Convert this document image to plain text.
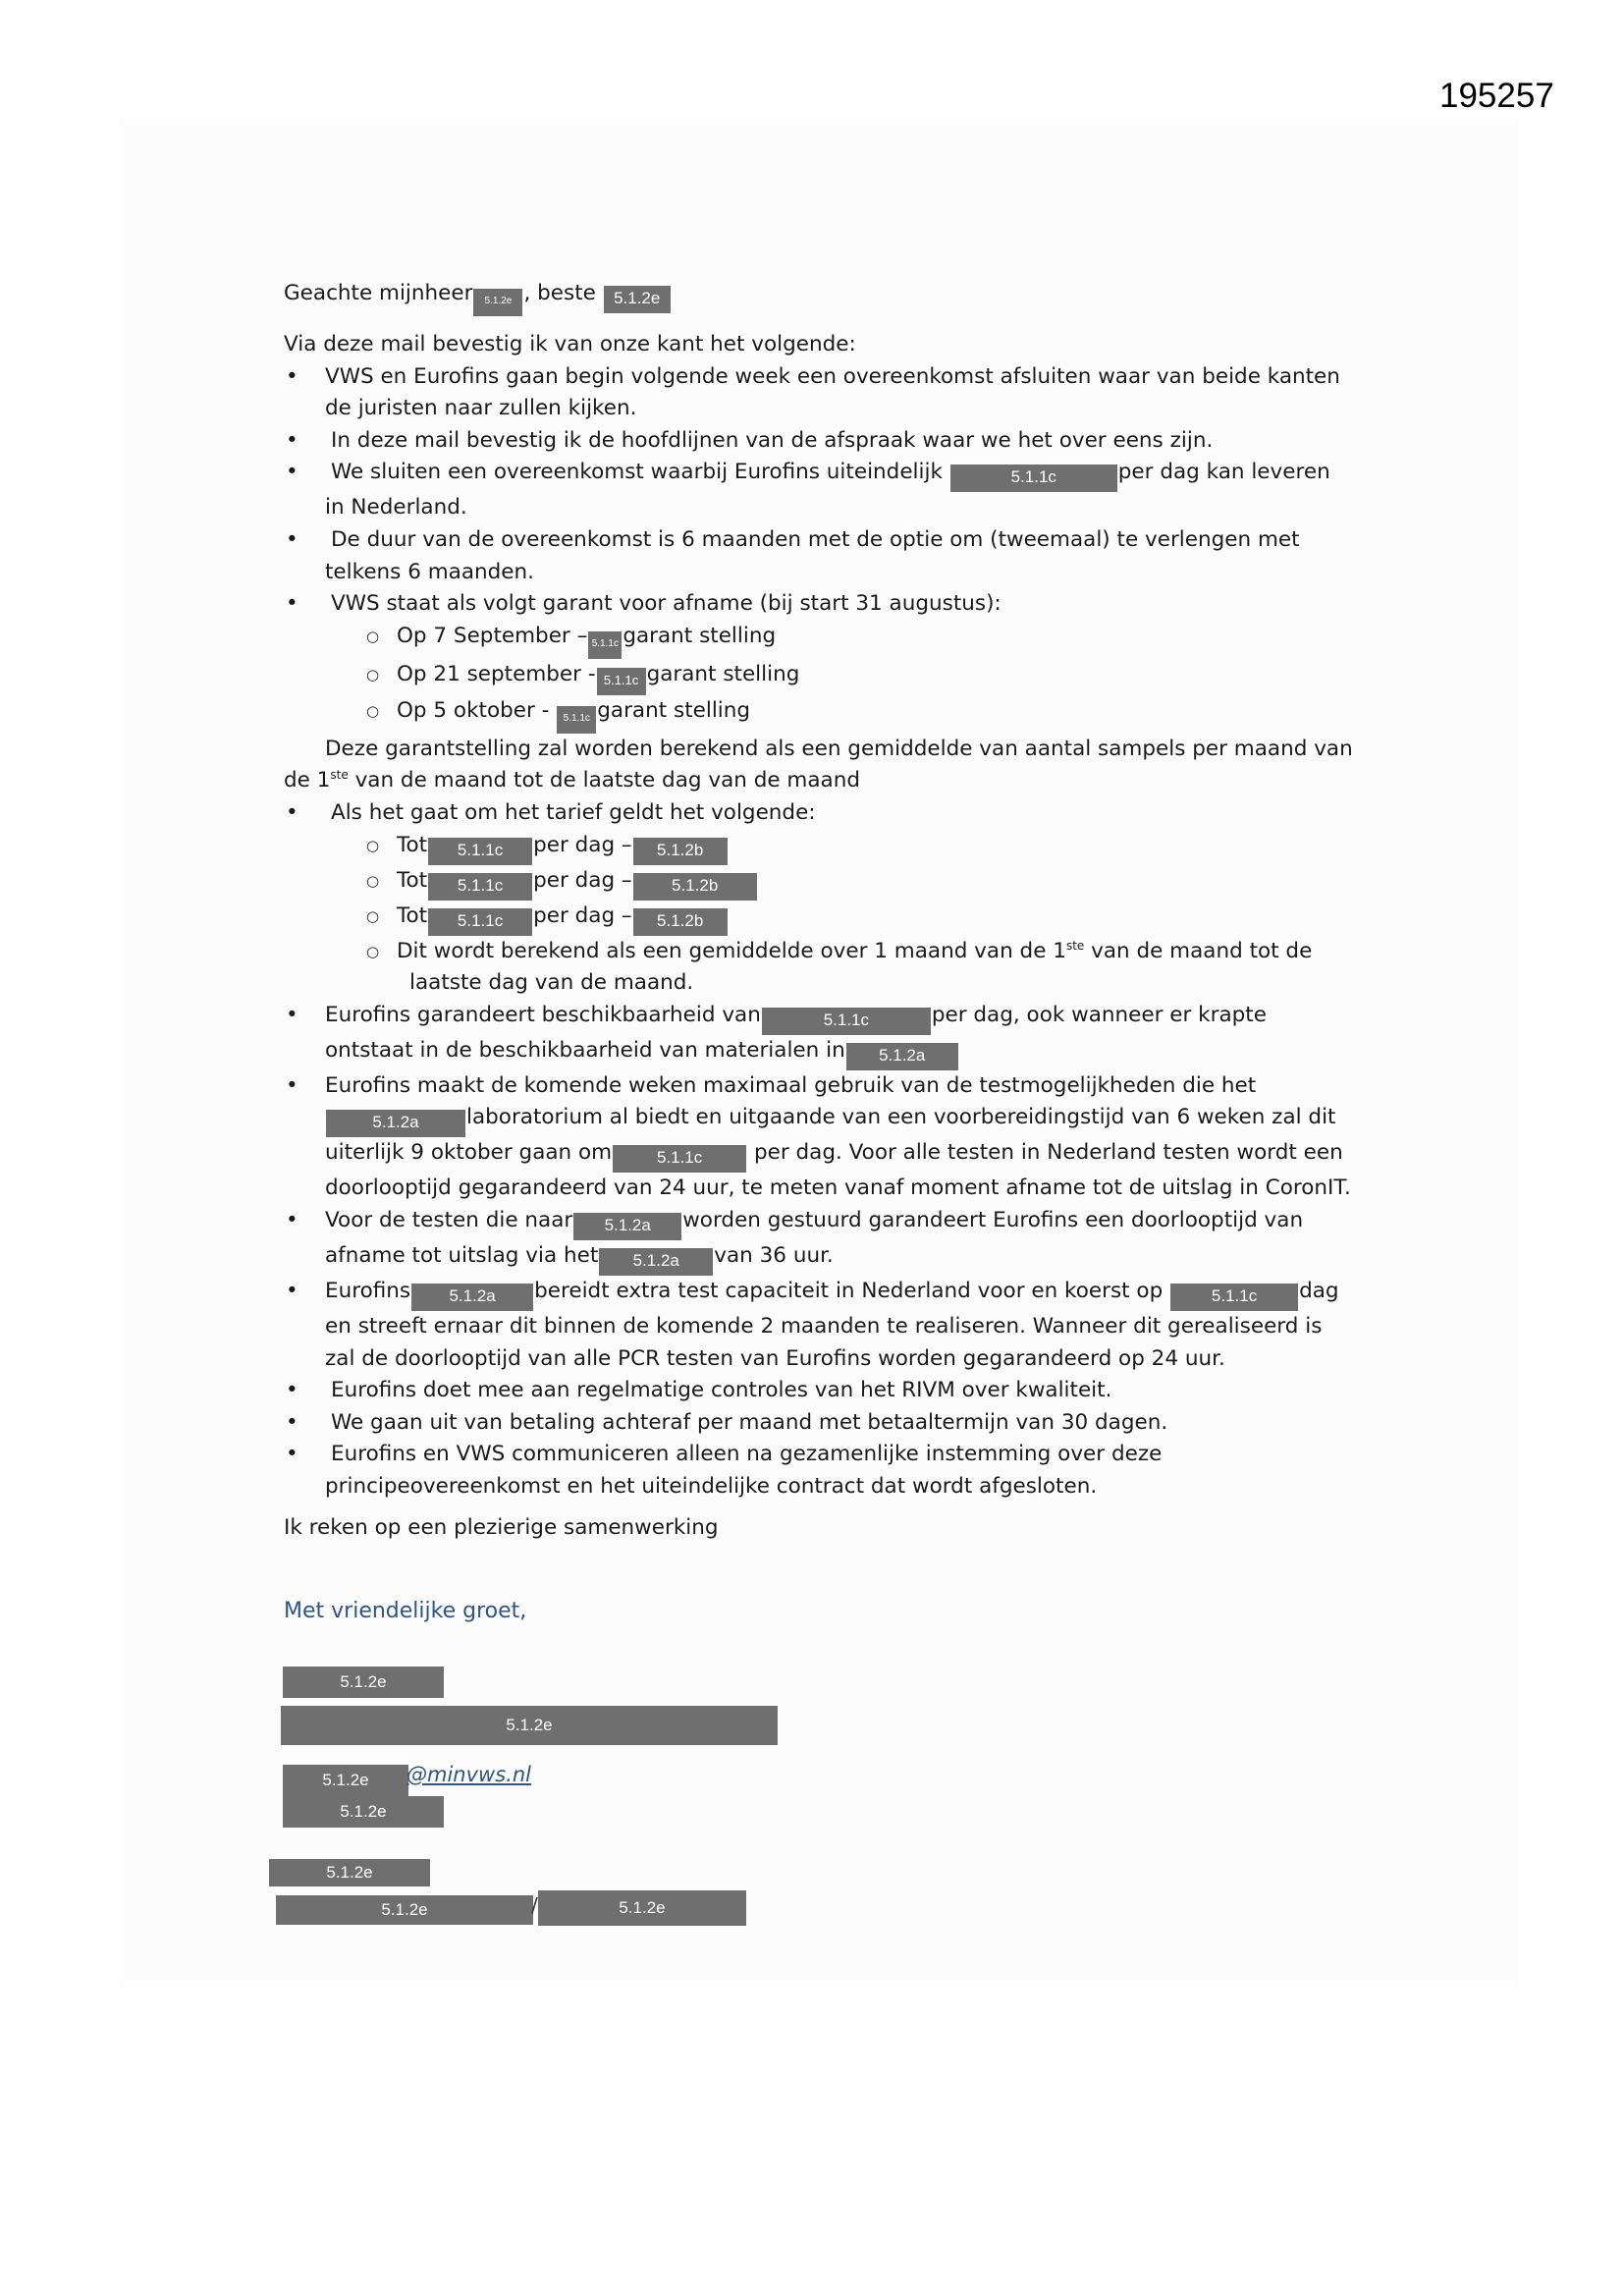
195257

Geachte mijnheer 5.1.2e , beste 5.1.2e

Via deze mail bevestig ik van onze kant het volgende:

• VWS en Eurofins gaan begin volgende week een overeenkomst afsluiten waar van beide kanten

de juristen naar zullen kijken.

• In deze mail bevestig ik de hoofdlijnen van de afspraak waar we het over eens zijn.

• We sluiten een overeenkomst waarbij Eurofins uiteindelijk	5.1.1c	per dag kan leveren

in Nederland.

• De duur van de overeenkomst is 6 maanden met de optie om (tweemaal) te verlengen met

telkens 6 maanden.

• VWS staat als volgt garant voor afname (bij start 31 augustus):

○ Op 7 September – 5.1.1c garant stelling

○ Op 21 september - 5.1.1c garant stelling

○ Op 5 oktober - 5.1.1c garant stelling

Deze garantstelling zal worden berekend als een gemiddelde van aantal sampels per maand van

de 1ste van de maand tot de laatste dag van de maand

• Als het gaat om het tarief geldt het volgende:

○ Tot 5.1.1c per dag – 5.1.2b

○ Tot 5.1.1c per dag – 5.1.2b

○ Tot 5.1.1c per dag – 5.1.2b

○ Dit wordt berekend als een gemiddelde over 1 maand van de 1ste van de maand tot de

laatste dag van de maand.

• Eurofins garandeert beschikbaarheid van	5.1.1c	per dag, ook wanneer er krapte

ontstaat in de beschikbaarheid van materialen in 5.1.2a

• Eurofins maakt de komende weken maximaal gebruik van de testmogelijkheden die het

5.1.2a laboratorium al biedt en uitgaande van een voorbereidingstijd van 6 weken zal dit

uiterlijk 9 oktober gaan om	5.1.1c per dag. Voor alle testen in Nederland testen wordt een

doorlooptijd gegarandeerd van 24 uur, te meten vanaf moment afname tot de uitslag in CoronIT.

• Voor de testen die naar 5.1.2a worden gestuurd garandeert Eurofins een doorlooptijd van

afname tot uitslag via het 5.1.2a van 36 uur.

• Eurofins 5.1.2a bereidt extra test capaciteit in Nederland voor en koerst op	5.1.1c dag

en streeft ernaar dit binnen de komende 2 maanden te realiseren. Wanneer dit gerealiseerd is

zal de doorlooptijd van alle PCR testen van Eurofins worden gegarandeerd op 24 uur.

• Eurofins doet mee aan regelmatige controles van het RIVM over kwaliteit.

• We gaan uit van betaling achteraf per maand met betaaltermijn van 30 dagen.

• Eurofins en VWS communiceren alleen na gezamenlijke instemming over deze

principeovereenkomst en het uiteindelijke contract dat wordt afgesloten.

Ik reken op een plezierige samenwerking

Met vriendelijke groet,

5.1.2e
5.1.2e
5.1.2e	@minvws.nl
5.1.2e
5.1.2e
5.1.2e	/	5.1.2e
